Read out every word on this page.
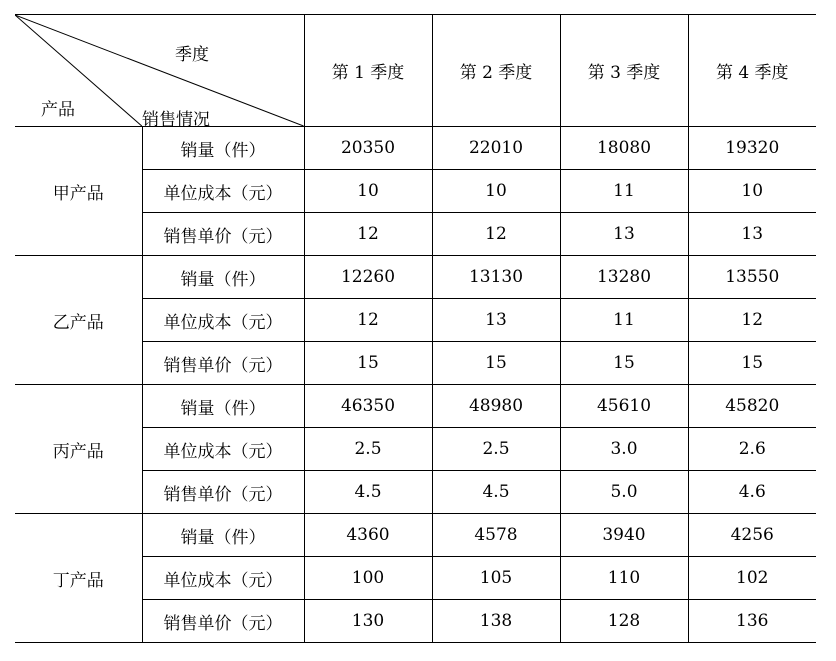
季度
产品 销售情况		第 1 季度	第 2 季度	第 3 季度	第 4 季度
甲产品	销量（件）	20350	22010	18080	19320
	单位成本（元）	10	10	11	10
	销售单价（元）	12	12	13	13
乙产品	销量（件）	12260	13130	13280	13550
	单位成本（元）	12	13	11	12
	销售单价（元）	15	15	15	15
丙产品	销量（件）	46350	48980	45610	45820
	单位成本（元）	2.5	2.5	3.0	2.6
	销售单价（元）	4.5	4.5	5.0	4.6
丁产品	销量（件）	4360	4578	3940	4256
	单位成本（元）	100	105	110	102
	销售单价（元）	130	138	128	136
